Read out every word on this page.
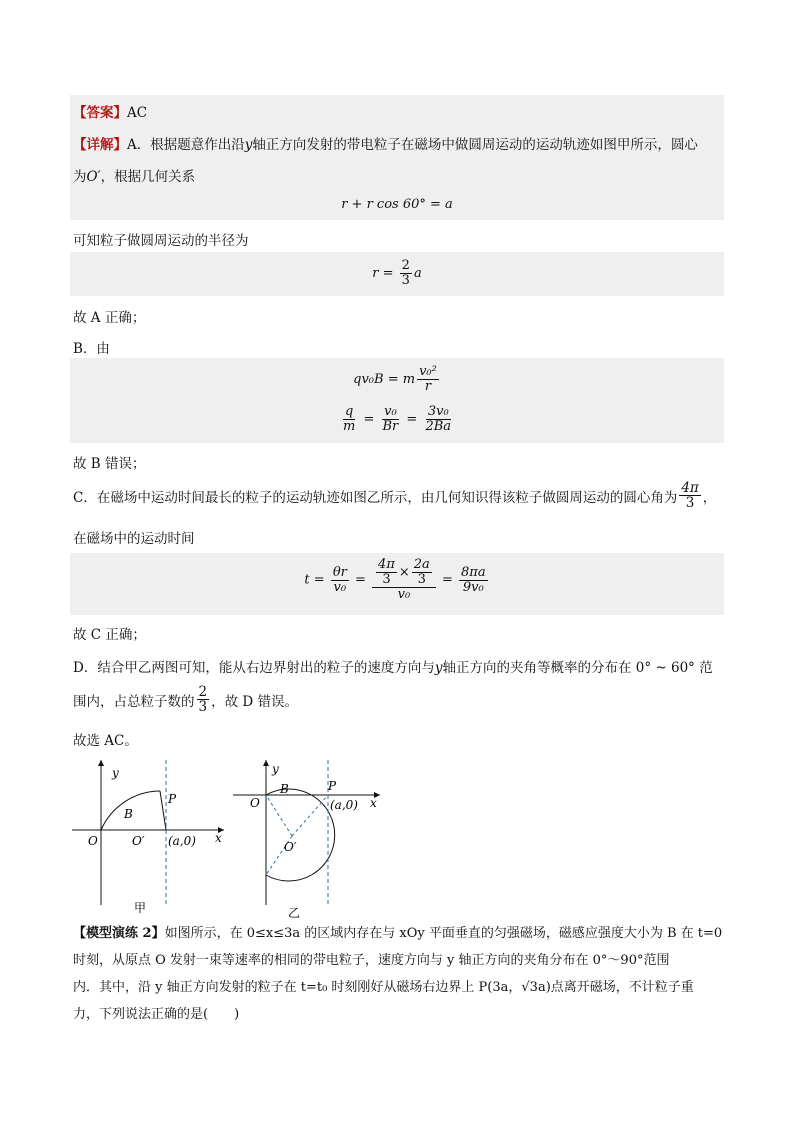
【答案】AC
【详解】A．根据题意作出沿y轴正方向发射的带电粒子在磁场中做圆周运动的运动轨迹如图甲所示，圆心
为O′，根据几何关系
r + r cos 60° = a
可知粒子做圆周运动的半径为
$r = \frac{2}{3}$ a
故 A 正确；
B．由
qv₀B = m $\frac{\text{v₀²}}{r}$
$\frac{q}{m} = \frac{\text{v₀}}{Br} = \frac{\text{3v₀}}{2Ba}$
故 B 错误；
C．在磁场中运动时间最长的粒子的运动轨迹如图乙所示，由几何知识得该粒子做圆周运动的圆心角为 $\frac{4\pi}{3}$ ，
在磁场中的运动时间
$t = \frac{\theta r}{\text{v₀}} = \frac{\frac{4\pi}{3} \times \frac{2a}{3}}{\text{v₀}} = \frac{8\pi a}{\text{9v₀}}$
故 C 正确；
D．结合甲乙两图可知，能从右边界射出的粒子的速度方向与y轴正方向的夹角等概率的分布在 0° ~ 60° 范
围内，占总粒子数的 $\frac{2}{3}$ ，故 D 错误。
故选 AC。
y
x
O
B
P
O′ (a,0)
甲
y
x
O
B	P
(a,0)
O′
乙
【模型演练 2】如图所示，在 0≤x≤3a 的区域内存在与 xOy 平面垂直的匀强磁场，磁感应强度大小为 B 在 t=0
时刻，从原点 O 发射一束等速率的相同的带电粒子，速度方向与 y 轴正方向的夹角分布在 0°～90°范围
内．其中，沿 y 轴正方向发射的粒子在 t=t₀ 时刻刚好从磁场右边界上 P(3a，√3a)点离开磁场，不计粒子重
力，下列说法正确的是(　　)
